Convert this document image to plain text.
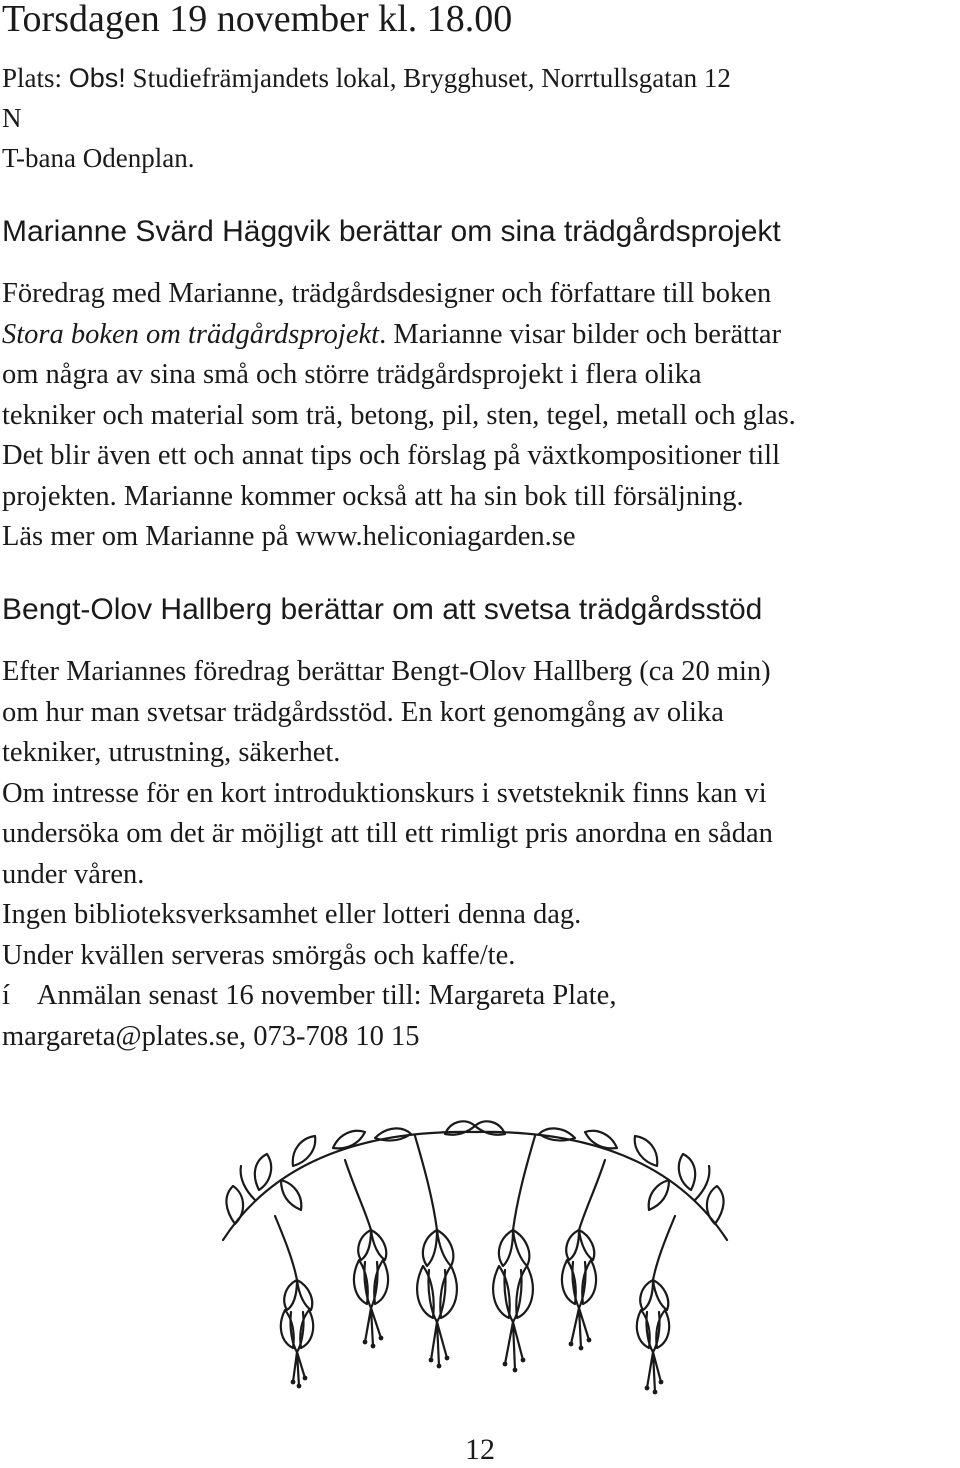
Torsdagen 19 november kl. 18.00
Plats: Obs! Studiefrämjandets lokal, Brygghuset, Norrtullsgatan 12
N
T-bana Odenplan.
Marianne Svärd Häggvik berättar om sina trädgårdsprojekt
Föredrag med Marianne, trädgårdsdesigner och författare till boken
Stora boken om trädgårdsprojekt. Marianne visar bilder och berättar
om några av sina små och större trädgårdsprojekt i flera olika
tekniker och material som trä, betong, pil, sten, tegel, metall och glas.
Det blir även ett och annat tips och förslag på växtkompositioner till
projekten. Marianne kommer också att ha sin bok till försäljning.
Läs mer om Marianne på www.heliconiagarden.se
Bengt-Olov Hallberg berättar om att svetsa trädgårdsstöd
Efter Mariannes föredrag berättar Bengt-Olov Hallberg (ca 20 min)
om hur man svetsar trädgårdsstöd. En kort genomgång av olika
tekniker, utrustning, säkerhet.
Om intresse för en kort introduktionskurs i svetsteknik finns kan vi
undersöka om det är möjligt att till ett rimligt pris anordna en sådan
under våren.
Ingen biblioteksverksamhet eller lotteri denna dag.
Under kvällen serveras smörgås och kaffe/te.
í    Anmälan senast 16 november till: Margareta Plate,
margareta@plates.se, 073-708 10 15
12
